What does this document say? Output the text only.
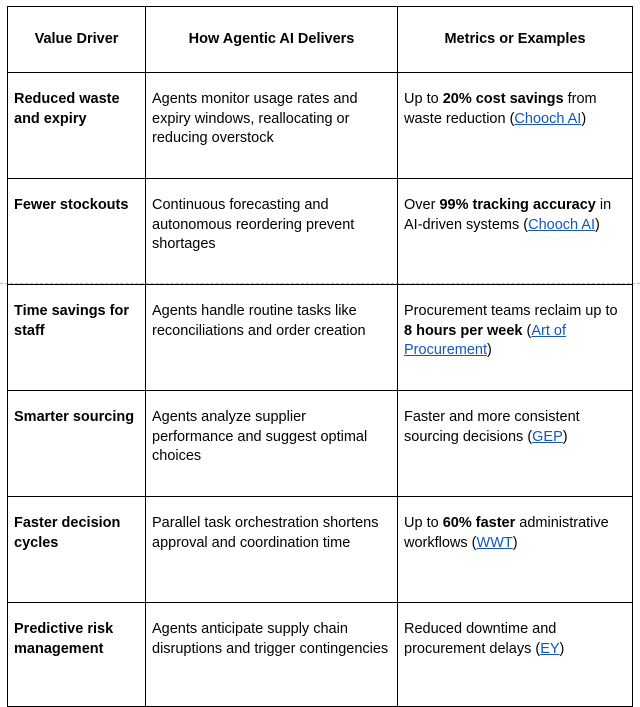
Value Driver	How Agentic AI Delivers	Metrics or Examples
Reduced waste and expiry	Agents monitor usage rates and expiry windows, reallocating or reducing overstock	Up to 20% cost savings from waste reduction (Chooch AI)
Fewer stockouts	Continuous forecasting and autonomous reordering prevent shortages	Over 99% tracking accuracy in AI-driven systems (Chooch AI)
Time savings for staff	Agents handle routine tasks like reconciliations and order creation	Procurement teams reclaim up to 8 hours per week (Art of Procurement)
Smarter sourcing	Agents analyze supplier performance and suggest optimal choices	Faster and more consistent sourcing decisions (GEP)
Faster decision cycles	Parallel task orchestration shortens approval and coordination time	Up to 60% faster administrative workflows (WWT)
Predictive risk management	Agents anticipate supply chain disruptions and trigger contingencies	Reduced downtime and procurement delays (EY)
